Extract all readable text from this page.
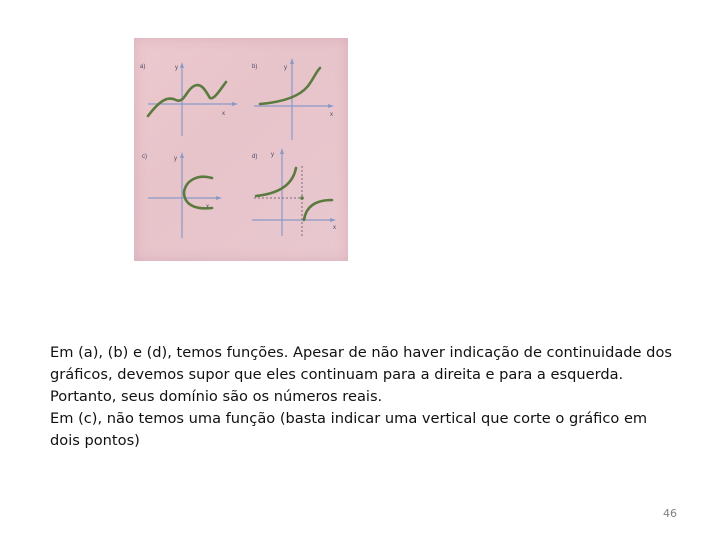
a)	y
x
b)	y
x
c)	y
x
d) y
x

Em (a), (b) e (d), temos funções. Apesar de não haver indicação de continuidade dos
gráficos, devemos supor que eles continuam para a direita e para a esquerda.
Portanto, seus domínio são os números reais.
Em (c), não temos uma função (basta indicar uma vertical que corte o gráfico em
dois pontos)

46
